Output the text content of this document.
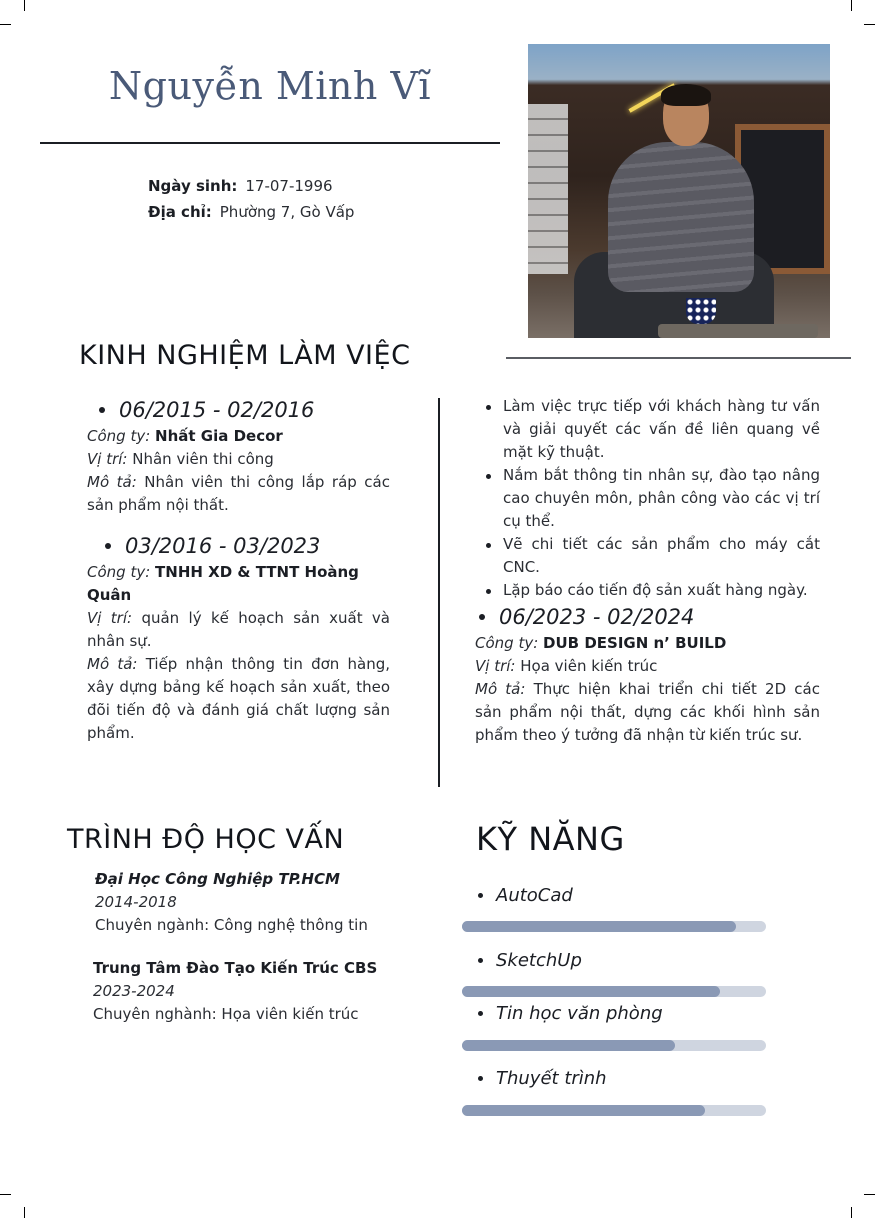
Nguyễn Minh Vĩ
Ngày sinh: 17-07-1996
Địa chỉ: Phường 7, Gò Vấp
KINH NGHIỆM LÀM VIỆC
06/2015 - 02/2016

Công ty: Nhất Gia Decor

Vị trí: Nhân viên thi công

Mô tả: Nhân viên thi công lắp ráp các sản phẩm nội thất.

03/2016 - 03/2023

Công ty: TNHH XD & TTNT Hoàng Quân

Vị trí: quản lý kế hoạch sản xuất và nhân sự.

Mô tả: Tiếp nhận thông tin đơn hàng, xây dựng bảng kế hoạch sản xuất, theo đõi tiến độ và đánh giá chất lượng sản phẩm.

Làm việc trực tiếp với khách hàng tư vấn và giải quyết các vấn đề liên quang về mặt kỹ thuật.
Nắm bắt thông tin nhân sự, đào tạo nâng cao chuyên môn, phân công vào các vị trí cụ thể.
Vẽ chi tiết các sản phẩm cho máy cắt CNC.
Lặp báo cáo tiến độ sản xuất hàng ngày.
06/2023 - 02/2024

Công ty: DUB DESIGN n’ BUILD

Vị trí: Họa viên kiến trúc

Mô tả: Thực hiện khai triển chi tiết 2D các sản phẩm nội thất, dựng các khối hình sản phẩm theo ý tưởng đã nhận từ kiến trúc sư.

TRÌNH ĐỘ HỌC VẤN
Đại Học Công Nghiệp TP.HCM
2014-2018
Chuyên ngành: Công nghệ thông tin
Trung Tâm Đào Tạo Kiến Trúc CBS
2023-2024
Chuyên nghành: Họa viên kiến trúc
KỸ NĂNG
AutoCad
SketchUp
Tin học văn phòng
Thuyết trình
